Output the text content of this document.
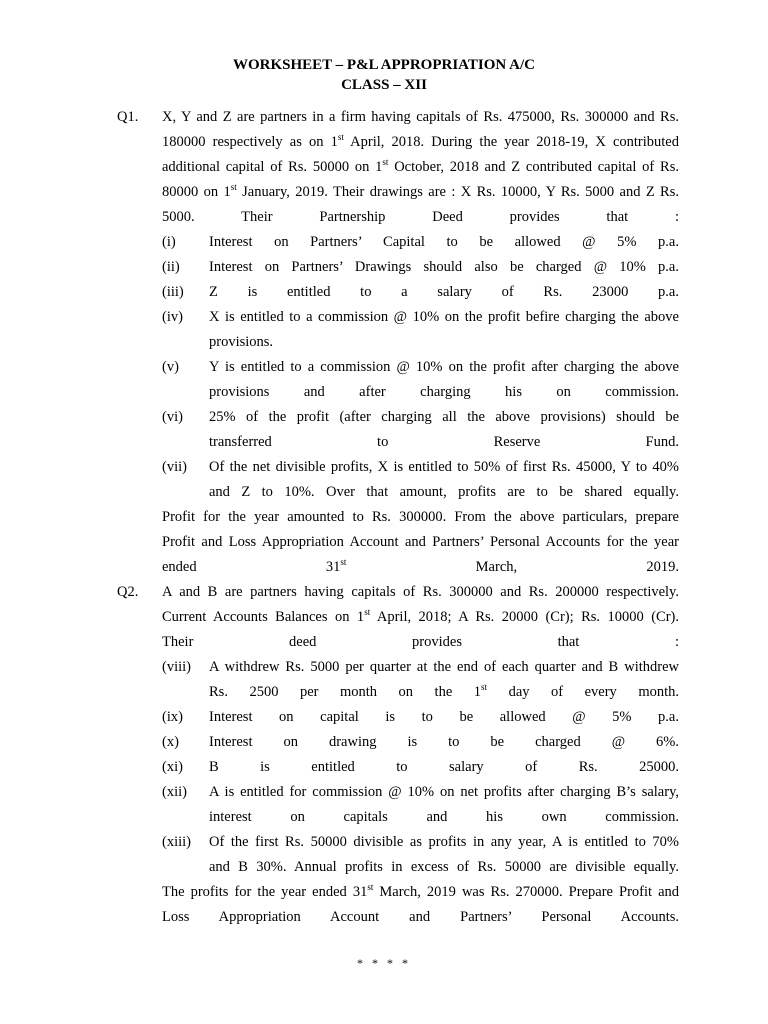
WORKSHEET – P&L APPROPRIATION A/C
CLASS – XII
Q1. X, Y and Z are partners in a firm having capitals of Rs. 475000, Rs. 300000 and Rs.
180000 respectively as on 1st April, 2018. During the year 2018-19, X contributed
additional capital of Rs. 50000 on 1st October, 2018 and Z contributed capital of Rs.
80000 on 1st January, 2019. Their drawings are : X Rs. 10000, Y Rs. 5000 and Z Rs.
5000. Their Partnership Deed provides that :
(i) Interest on Partners’ Capital to be allowed @ 5% p.a.
(ii) Interest on Partners’ Drawings should also be charged @ 10% p.a.
(iii) Z is entitled to a salary of Rs. 23000 p.a.
(iv) X is entitled to a commission @ 10% on the profit befire charging the above
provisions.
(v) Y is entitled to a commission @ 10% on the profit after charging the above
provisions and after charging his on commission.
(vi) 25% of the profit (after charging all the above provisions) should be
transferred to Reserve Fund.
(vii) Of the net divisible profits, X is entitled to 50% of first Rs. 45000, Y to 40%
and Z to 10%. Over that amount, profits are to be shared equally.
Profit for the year amounted to Rs. 300000. From the above particulars, prepare
Profit and Loss Appropriation Account and Partners’ Personal Accounts for the year
ended 31st March, 2019.
Q2. A and B are partners having capitals of Rs. 300000 and Rs. 200000 respectively.
Current Accounts Balances on 1st April, 2018; A Rs. 20000 (Cr); Rs. 10000 (Cr).
Their deed provides that :
(viii) A withdrew Rs. 5000 per quarter at the end of each quarter and B withdrew
Rs. 2500 per month on the 1st day of every month.
(ix) Interest on capital is to be allowed @ 5% p.a.
(x) Interest on drawing is to be charged @ 6%.
(xi) B is entitled to salary of Rs. 25000.
(xii) A is entitled for commission @ 10% on net profits after charging B’s salary,
interest on capitals and his own commission.
(xiii) Of the first Rs. 50000 divisible as profits in any year, A is entitled to 70%
and B 30%. Annual profits in excess of Rs. 50000 are divisible equally.
The profits for the year ended 31st March, 2019 was Rs. 270000. Prepare Profit and
Loss Appropriation Account and Partners’ Personal Accounts.
* * * *
